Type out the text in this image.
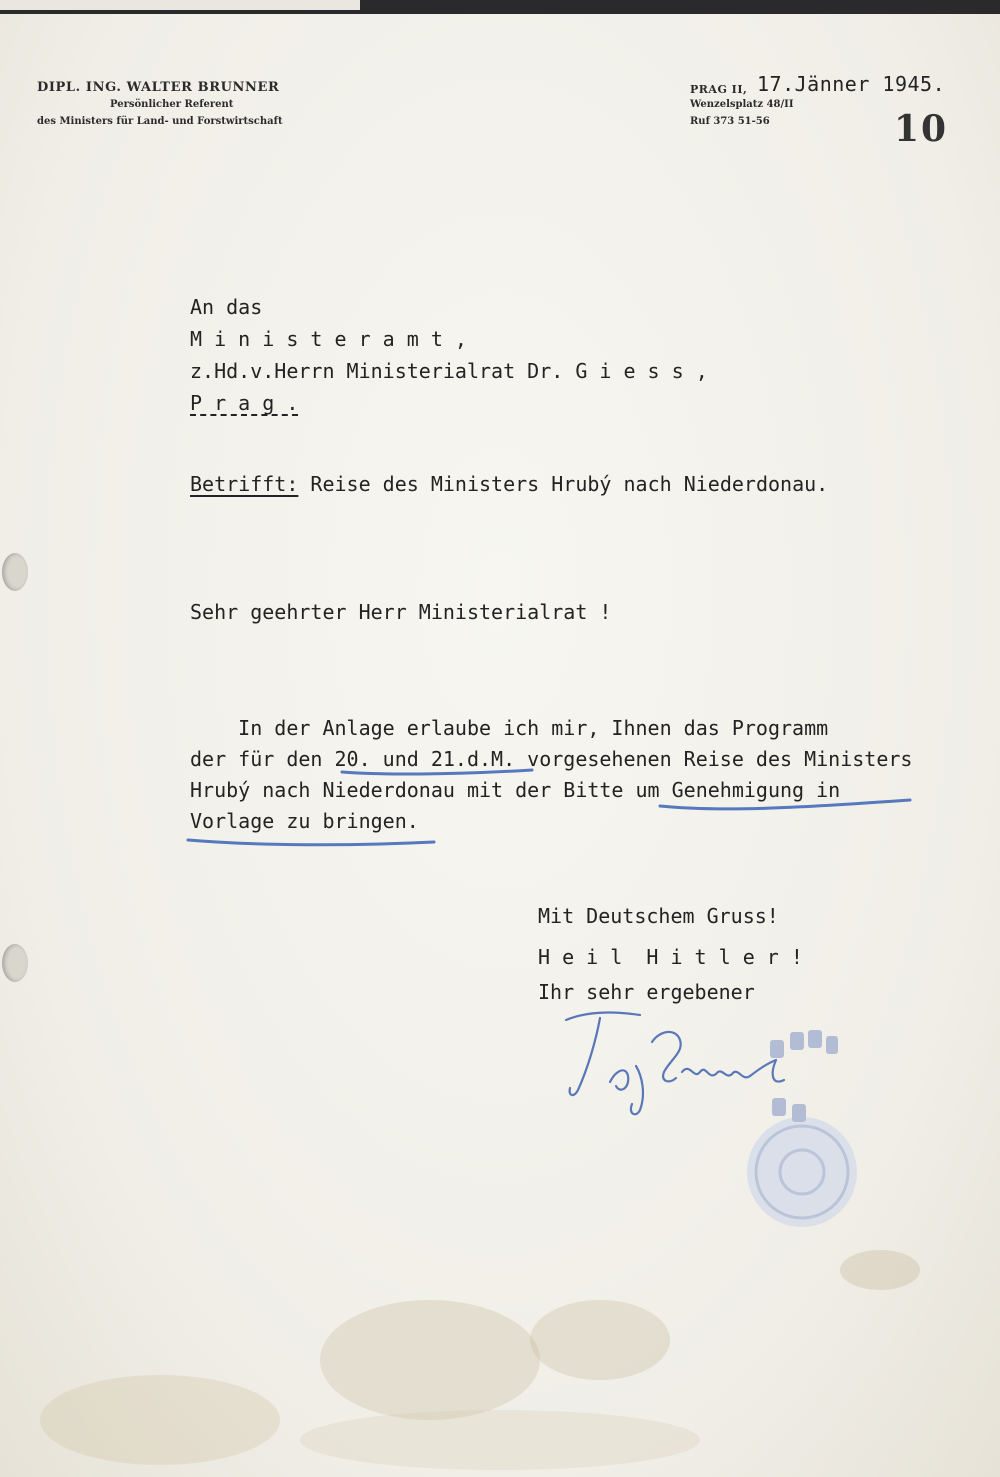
DIPL. ING. WALTER BRUNNER
Persönlicher Referent
des Ministers für Land- und Forstwirtschaft
PRAG II, 17.Jänner 1945.
Wenzelsplatz 48/II
Ruf 373 51-56	10
An das
M i n i s t e r a m t ,
z.Hd.v.Herrn Ministerialrat Dr. G i e s s ,
P r a g .
Betrifft: Reise des Ministers Hrubý nach Niederdonau.
Sehr geehrter Herr Ministerialrat !
In der Anlage erlaube ich mir, Ihnen das Programm
der für den 20. und 21.d.M. vorgesehenen Reise des Ministers
Hrubý nach Niederdonau mit der Bitte um Genehmigung in
Vorlage zu bringen.
Mit Deutschem Gruss!
H e i l  H i t l e r !
Ihr sehr ergebener
